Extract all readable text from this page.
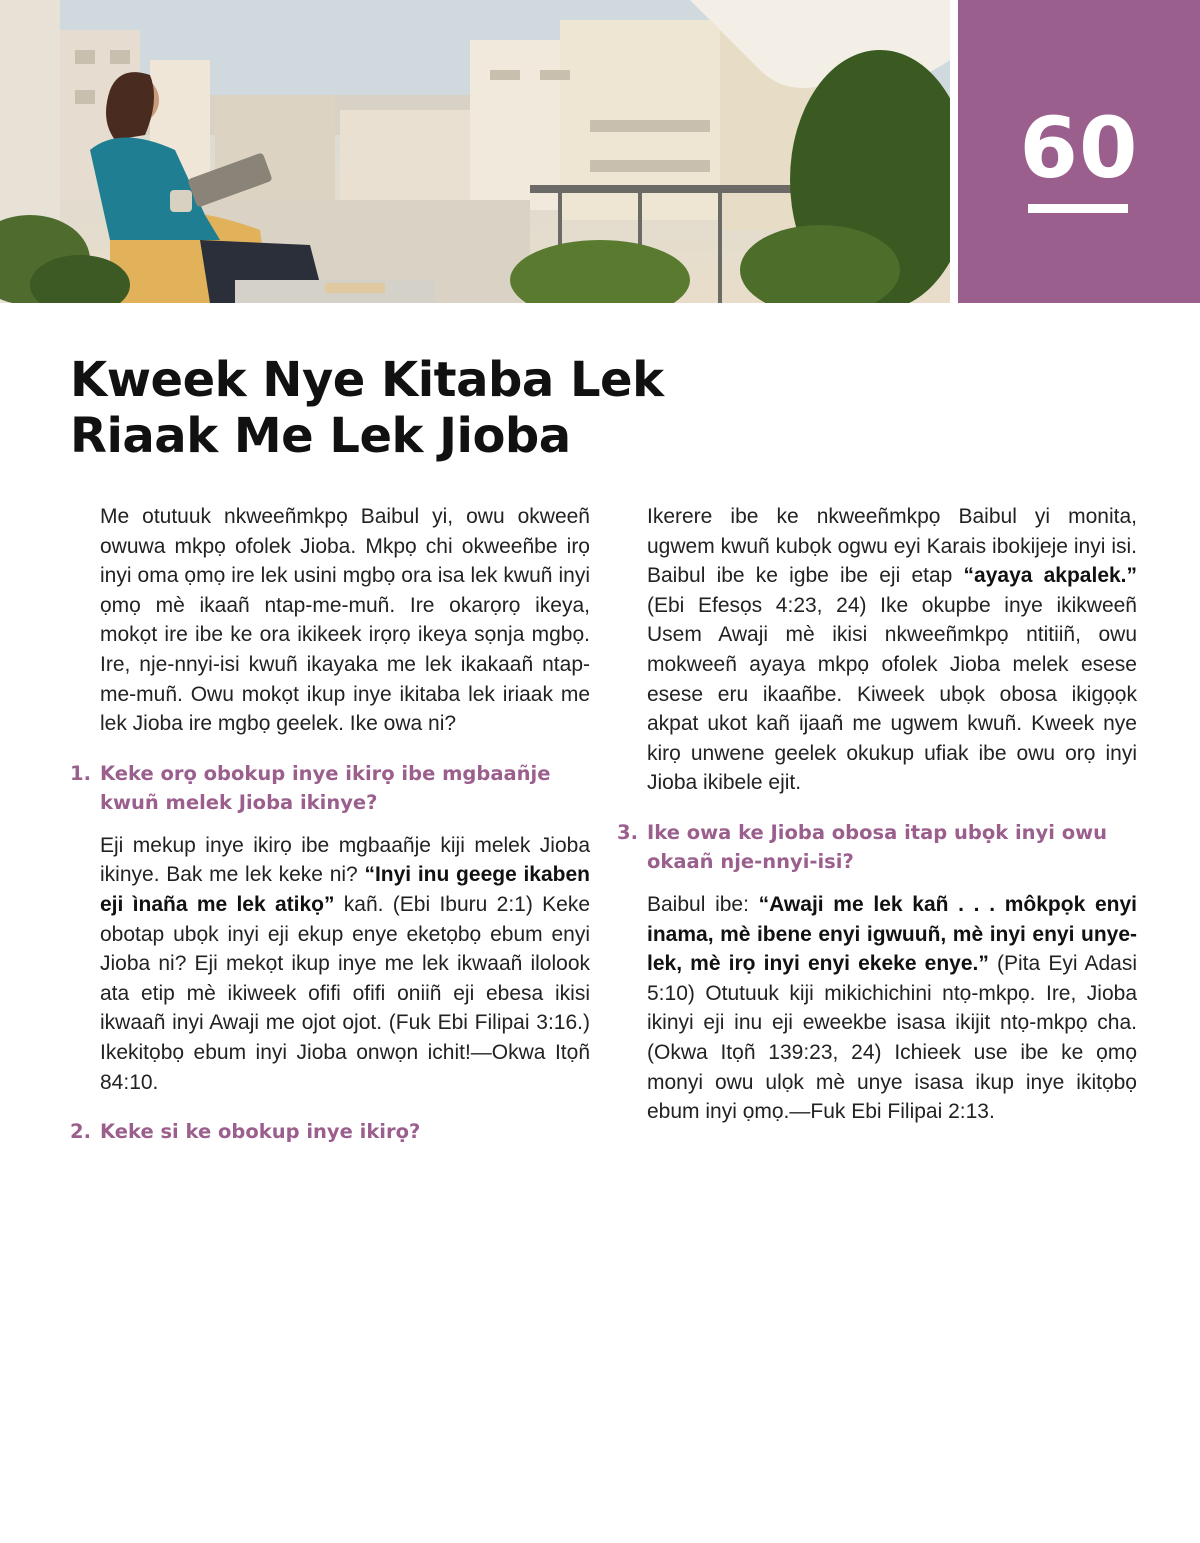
60
Kweek Nye Kitaba Lek
Riaak Me Lek Jioba

Me otutuuk nkweeñmkpọ Baibul yi, owu okweeñ owuwa mkpọ ofolek Jioba. Mkpọ chi okweeñbe irọ inyi oma ọmọ ire lek usini mgbọ ora isa lek kwuñ inyi ọmọ mè ikaañ ntap-me-muñ. Ire okarọrọ ikeya, mokọt ire ibe ke ora ikikeek irọrọ ikeya sọnja mgbọ. Ire, nje-nnyi-isi kwuñ ikayaka me lek ikakaañ ntap-me-muñ. Owu mokọt ikup inye ikitaba lek iriaak me lek Jioba ire mgbọ geelek. Ike owa ni?

1. Keke orọ obokup inye ikirọ ibe mgbaañje kwuñ melek Jioba ikinye?

Eji mekup inye ikirọ ibe mgbaañje kiji melek Jioba ikinye. Bak me lek keke ni? “Inyi inu geege ikaben eji ìnaña me lek atikọ” kañ. (Ebi Iburu 2:1) Keke obotap ubọk inyi eji ekup enye eketọbọ ebum enyi Jioba ni? Eji mekọt ikup inye me lek ikwaañ ilolook ata etip mè ikiweek ofifi ofifi oniiñ eji ebesa ikisi ikwaañ inyi Awaji me ojot ojot. (Fuk Ebi Filipai 3:16.) Ikekitọbọ ebum inyi Jioba onwọn ichit!—Okwa Itọñ 84:10.

2. Keke si ke obokup inye ikirọ?

Ikerere ibe ke nkweeñmkpọ Baibul yi monita, ugwem kwuñ kubọk ogwu eyi Karais ibokijeje inyi isi. Baibul ibe ke igbe ibe eji etap “ayaya akpalek.” (Ebi Efesọs 4:23, 24) Ike okupbe inye ikikweeñ Usem Awaji mè ikisi nkweeñmkpọ ntitiiñ, owu mokweeñ ayaya mkpọ ofolek Jioba melek esese esese eru ikaañbe. Kiweek ubọk obosa ikigọọk akpat ukot kañ ijaañ me ugwem kwuñ. Kweek nye kirọ unwene geelek okukup ufiak ibe owu orọ inyi Jioba ikibele ejit.

3. Ike owa ke Jioba obosa itap ubọk inyi owu okaañ nje-nnyi-isi?

Baibul ibe: “Awaji me lek kañ . . . môkpọk enyi inama, mè ibene enyi igwuuñ, mè inyi enyi unye-lek, mè irọ inyi enyi ekeke enye.” (Pita Eyi Adasi 5:10) Otutuuk kiji mikichichini ntọ-mkpọ. Ire, Jioba ikinyi eji inu eji eweekbe isasa ikijit ntọ-mkpọ cha. (Okwa Itọñ 139:23, 24) Ichieek use ibe ke ọmọ monyi owu ulọk mè unye isasa ikup inye ikitọbọ ebum inyi ọmọ.—Fuk Ebi Filipai 2:13.
